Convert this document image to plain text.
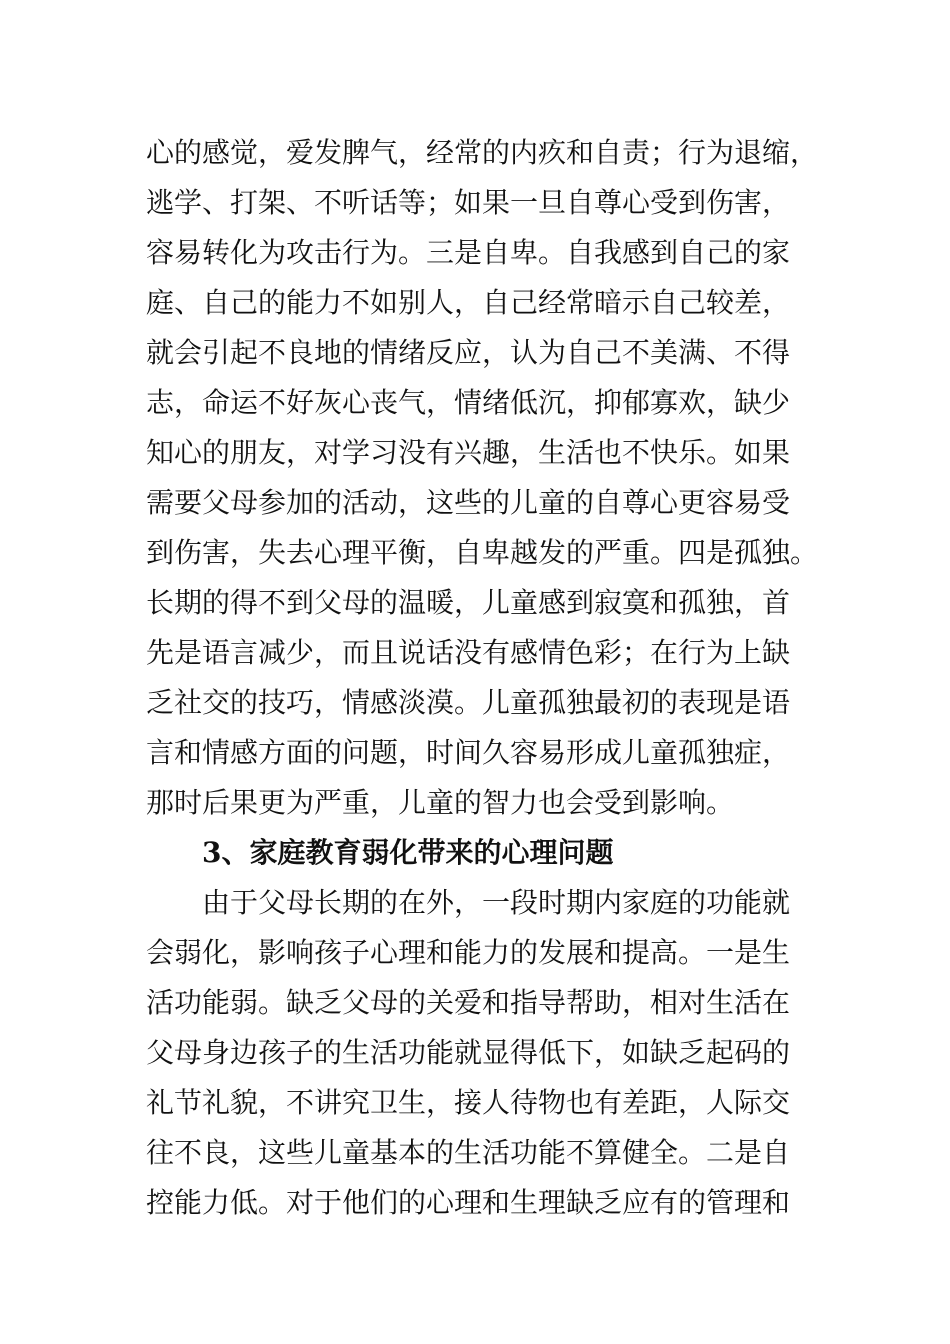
心的感觉，爱发脾气，经常的内疚和自责；行为退缩，
逃学、打架、不听话等；如果一旦自尊心受到伤害，
容易转化为攻击行为。三是自卑。自我感到自己的家
庭、自己的能力不如别人，自己经常暗示自己较差，
就会引起不良地的情绪反应，认为自己不美满、不得
志，命运不好灰心丧气，情绪低沉，抑郁寡欢，缺少
知心的朋友，对学习没有兴趣，生活也不快乐。如果
需要父母参加的活动，这些的儿童的自尊心更容易受
到伤害，失去心理平衡，自卑越发的严重。四是孤独。
长期的得不到父母的温暖，儿童感到寂寞和孤独，首
先是语言减少，而且说话没有感情色彩；在行为上缺
乏社交的技巧，情感淡漠。儿童孤独最初的表现是语
言和情感方面的问题，时间久容易形成儿童孤独症，
那时后果更为严重，儿童的智力也会受到影响。
3、家庭教育弱化带来的心理问题
由于父母长期的在外，一段时期内家庭的功能就
会弱化，影响孩子心理和能力的发展和提高。一是生
活功能弱。缺乏父母的关爱和指导帮助，相对生活在
父母身边孩子的生活功能就显得低下，如缺乏起码的
礼节礼貌，不讲究卫生，接人待物也有差距，人际交
往不良，这些儿童基本的生活功能不算健全。二是自
控能力低。对于他们的心理和生理缺乏应有的管理和
